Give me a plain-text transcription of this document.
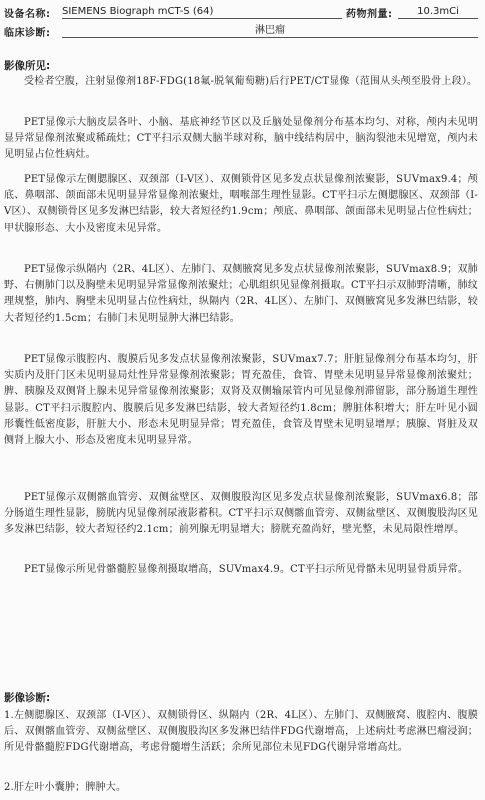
设备名称: SIEMENS Biograph mCT-S (64)	药物剂量:	10.3mCi
临床诊断:	淋巴瘤
影像所见:

受检者空腹，注射显像剂18F-FDG(18氟-脱氧葡萄糖)后行PET/CT显像（范围从头颅至股骨上段）。

PET显像示大脑皮层各叶、小脑、基底神经节区以及丘脑处显像剂分布基本均匀、对称，颅内未见明显异常显像剂浓聚或稀疏灶；CT平扫示双侧大脑半球对称，脑中线结构居中，脑沟裂池未见增宽，颅内未见明显占位性病灶。

PET显像示左侧腮腺区、双颈部（I-V区）、双侧锁骨区见多发点状显像剂浓聚影，SUVmax9.4；颅底、鼻咽部、颌面部未见明显异常显像剂浓聚灶，咽喉部生理性显影。CT平扫示左侧腮腺区、双颈部（I-V区）、双侧锁骨区见多发淋巴结影，较大者短径约1.9cm；颅底、鼻咽部、颌面部未见明显占位性病灶；甲状腺形态、大小及密度未见异常。

PET显像示纵隔内（2R、4L区）、左肺门、双侧腋窝见多发点状显像剂浓聚影，SUVmax8.9；双肺野、右侧肺门以及胸壁未见明显异常显像剂浓聚灶；心肌组织见显像剂摄取。CT平扫示双肺野清晰，肺纹理规整，肺内、胸壁未见明显占位性病灶，纵隔内（2R、4L区）、左肺门、双侧腋窝见多发淋巴结影，较大者短径约1.5cm；右肺门未见明显肿大淋巴结影。

PET显像示腹腔内、腹膜后见多发点状显像剂浓聚影，SUVmax7.7；肝脏显像剂分布基本均匀，肝实质内及肝门区未见明显局灶性异常显像剂浓聚影；胃充盈佳，食管、胃壁未见明显异常显像剂浓聚灶；脾、胰腺及双侧肾上腺未见异常显像剂浓聚影；双肾及双侧输尿管内可见显像剂滞留影，部分肠道生理性显影。CT平扫示腹腔内、腹膜后见多发淋巴结影，较大者短径约1.8cm；脾脏体积增大；肝左叶见小圆形囊性低密度影，肝脏大小、形态未见明显异常；胃充盈佳，食管及胃壁未见明显增厚；胰腺、肾脏及双侧肾上腺大小、形态及密度未见明显异常。

PET显像示双侧髂血管旁、双侧盆壁区、双侧腹股沟区见多发点状显像剂浓聚影，SUVmax6.8；部分肠道生理性显影，膀胱内见显像剂尿液影蓄积。CT平扫示双侧髂血管旁、双侧盆壁区、双侧腹股沟区见多发淋巴结影，较大者短径约2.1cm；前列腺无明显增大；膀胱充盈尚好，壁光整，未见局限性增厚。

PET显像示所见骨骼髓腔显像剂摄取增高，SUVmax4.9。CT平扫示所见骨骼未见明显骨质异常。

影像诊断:

1.左侧腮腺区、双颈部（I-V区）、双侧锁骨区、纵隔内（2R、4L区）、左肺门、双侧腋窝、腹腔内、腹膜后、双侧髂血管旁、双侧盆壁区、双侧腹股沟区多发淋巴结伴FDG代谢增高，上述病灶考虑淋巴瘤浸润；所见骨骼髓腔FDG代谢增高，考虑骨髓增生活跃；余所见部位未见FDG代谢异常增高灶。

2.肝左叶小囊肿；脾肿大。
